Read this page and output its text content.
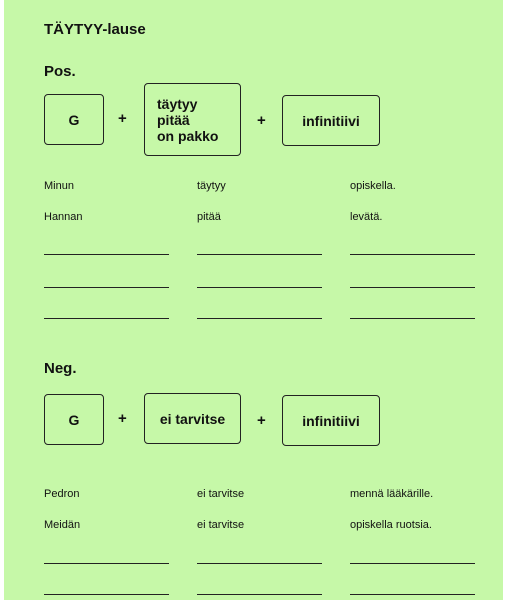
TÄYTYY-lause
Pos.
G	+
täytyy
pitää
on pakko
+	infinitiivi
Minun	täytyy	opiskella.
Hannan	pitää	levätä.
Neg.
G	+ ei tarvitse +	infinitiivi
Pedron	ei tarvitse	mennä lääkärille.
Meidän	ei tarvitse	opiskella ruotsia.
